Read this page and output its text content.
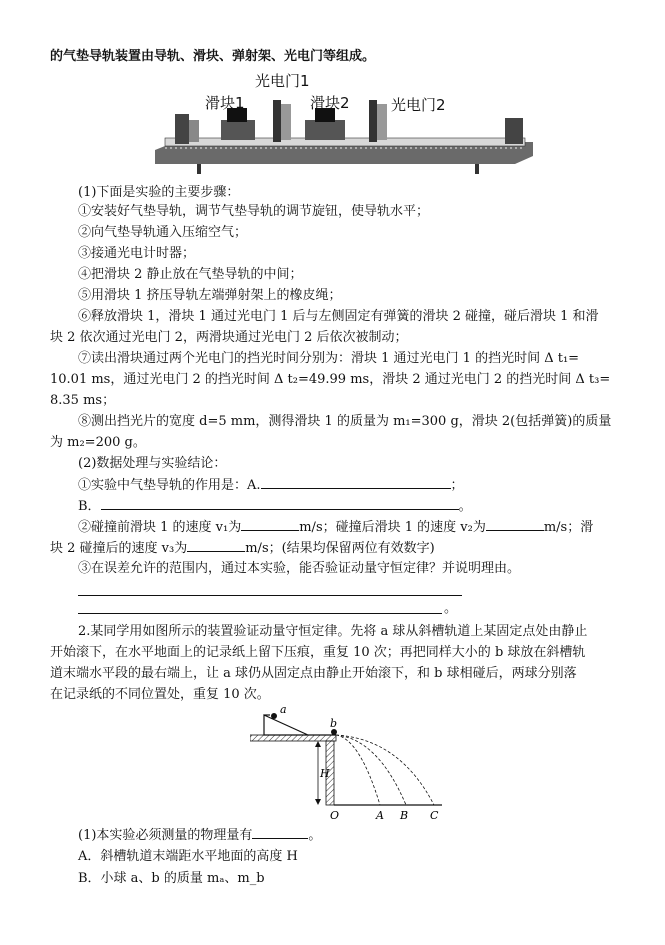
的气垫导轨装置由导轨、滑块、弹射架、光电门等组成。
光电门1
滑块1	滑块2	光电门2
(1)下面是实验的主要步骤：
①安装好气垫导轨，调节气垫导轨的调节旋钮，使导轨水平；
②向气垫导轨通入压缩空气；
③接通光电计时器；
④把滑块 2 静止放在气垫导轨的中间；
⑤用滑块 1 挤压导轨左端弹射架上的橡皮绳；
⑥释放滑块 1，滑块 1 通过光电门 1 后与左侧固定有弹簧的滑块 2 碰撞，碰后滑块 1 和滑
块 2 依次通过光电门 2，两滑块通过光电门 2 后依次被制动；
⑦读出滑块通过两个光电门的挡光时间分别为：滑块 1 通过光电门 1 的挡光时间 Δ t₁=
10.01 ms，通过光电门 2 的挡光时间 Δ t₂=49.99 ms，滑块 2 通过光电门 2 的挡光时间 Δ t₃=
8.35 ms；
⑧测出挡光片的宽度 d=5 mm，测得滑块 1 的质量为 m₁=300 g，滑块 2(包括弹簧)的质量
为 m₂=200 g。
(2)数据处理与实验结论：
①实验中气垫导轨的作用是：A.	；
B．	。
②碰撞前滑块 1 的速度 v₁为	m/s；碰撞后滑块 1 的速度 v₂为	m/s；滑
块 2 碰撞后的速度 v₃为	m/s；(结果均保留两位有效数字)
③在误差允许的范围内，通过本实验，能否验证动量守恒定律？并说明理由。
。
2.某同学用如图所示的装置验证动量守恒定律。先将 a 球从斜槽轨道上某固定点处由静止
开始滚下，在水平地面上的记录纸上留下压痕，重复 10 次；再把同样大小的 b 球放在斜槽轨
道末端水平段的最右端上，让 a 球仍从固定点由静止开始滚下，和 b 球相碰后，两球分别落
在记录纸的不同位置处，重复 10 次。
a
b
H
O	A B C
(1)本实验必须测量的物理量有	。
A．斜槽轨道末端距水平地面的高度 H
B．小球 a、b 的质量 mₐ、m_b
